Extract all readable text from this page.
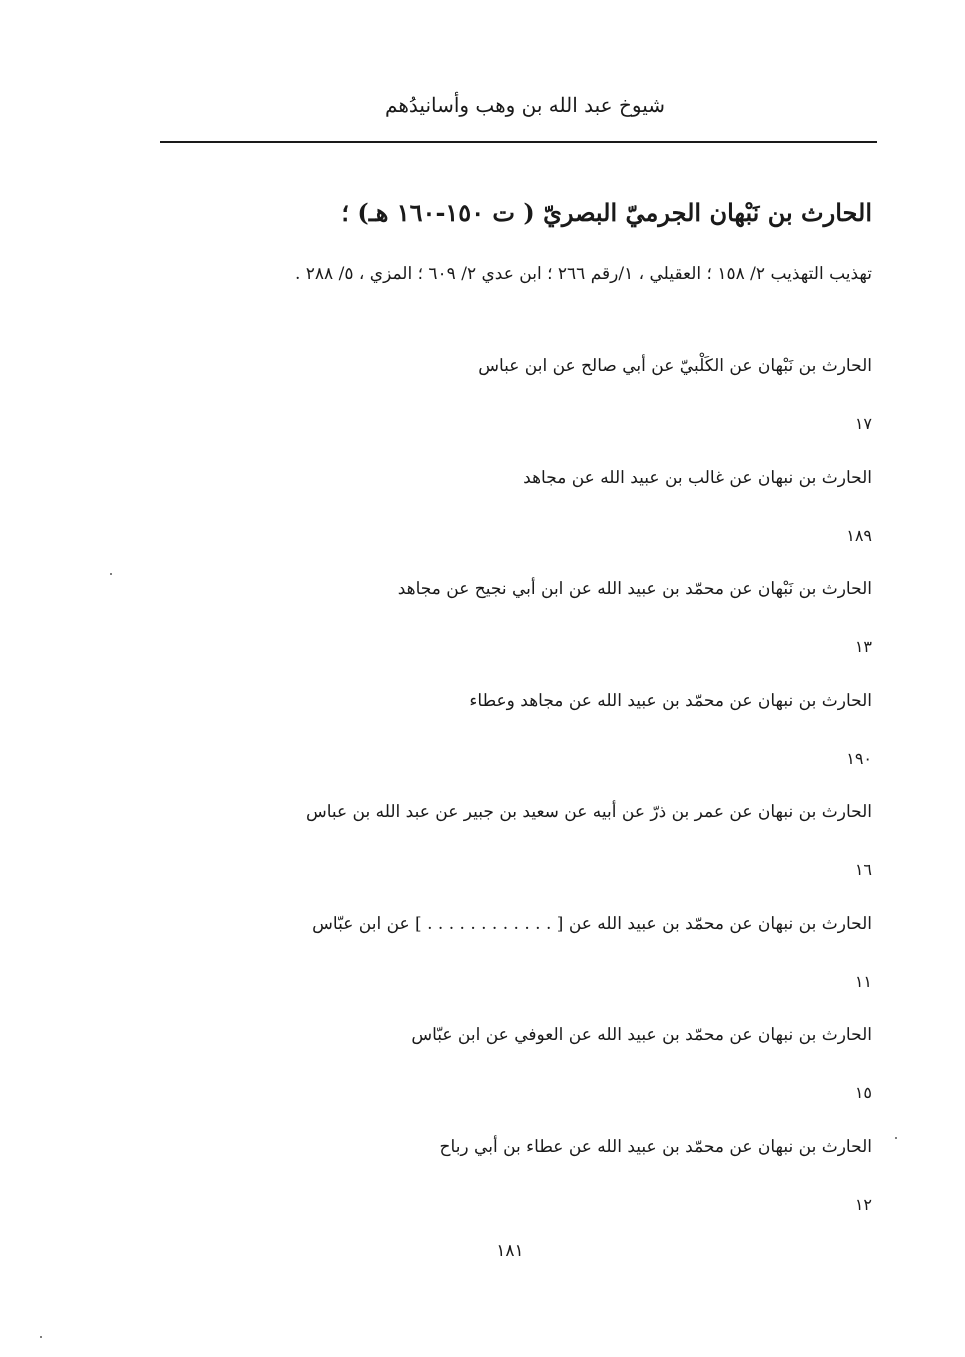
شيوخ عبد الله بن وهب وأسانيدُهم
الحارث بن نَبْهان الجرميّ البصريّ ( ت ١٥٠-١٦٠ هـ) ؛
تهذيب التهذيب ٢/ ١٥٨ ؛ العقيلي ، ١/رقم ٢٦٦ ؛ ابن عدي ٢/ ٦٠٩ ؛ المزي ، ٥/ ٢٨٨ .
الحارث بن نَبْهان عن الكَلْبيّ عن أبي صالح عن ابن عباس
١٧
الحارث بن نبهان عن غالب بن عبيد الله عن مجاهد
١٨٩
الحارث بن نَبْهان عن محمّد بن عبيد الله عن ابن أبي نجيح عن مجاهد
١٣
الحارث بن نبهان عن محمّد بن عبيد الله عن مجاهد وعطاء
١٩٠
الحارث بن نبهان عن عمر بن ذرّ عن أبيه عن سعيد بن جبير عن عبد الله بن عباس
١٦
الحارث بن نبهان عن محمّد بن عبيد الله عن [ . . . . . . . . . . . . ] عن ابن عبّاس
١١
الحارث بن نبهان عن محمّد بن عبيد الله عن العوفي عن ابن عبّاس
١٥
الحارث بن نبهان عن محمّد بن عبيد الله عن عطاء بن أبي رباح
١٢
١٨١
